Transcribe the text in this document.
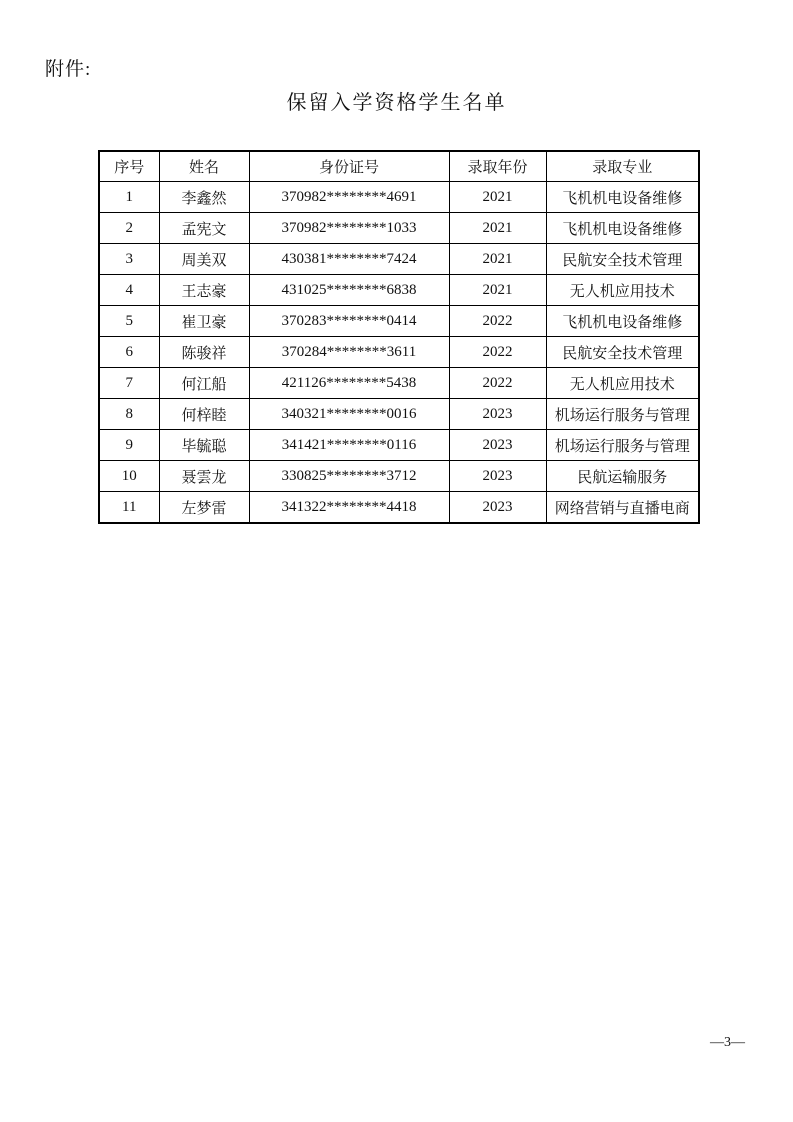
附件:
保留入学资格学生名单
序号	姓名	身份证号	录取年份	录取专业
1	李鑫然	370982********4691	2021	飞机机电设备维修
2	孟宪文	370982********1033	2021	飞机机电设备维修
3	周美双	430381********7424	2021	民航安全技术管理
4	王志豪	431025********6838	2021	无人机应用技术
5	崔卫豪	370283********0414	2022	飞机机电设备维修
6	陈骏祥	370284********3611	2022	民航安全技术管理
7	何江船	421126********5438	2022	无人机应用技术
8	何梓睦	340321********0016	2023	机场运行服务与管理
9	毕毓聪	341421********0116	2023	机场运行服务与管理
10	聂雲龙	330825********3712	2023	民航运输服务
11	左梦雷	341322********4418	2023	网络营销与直播电商
—3—
